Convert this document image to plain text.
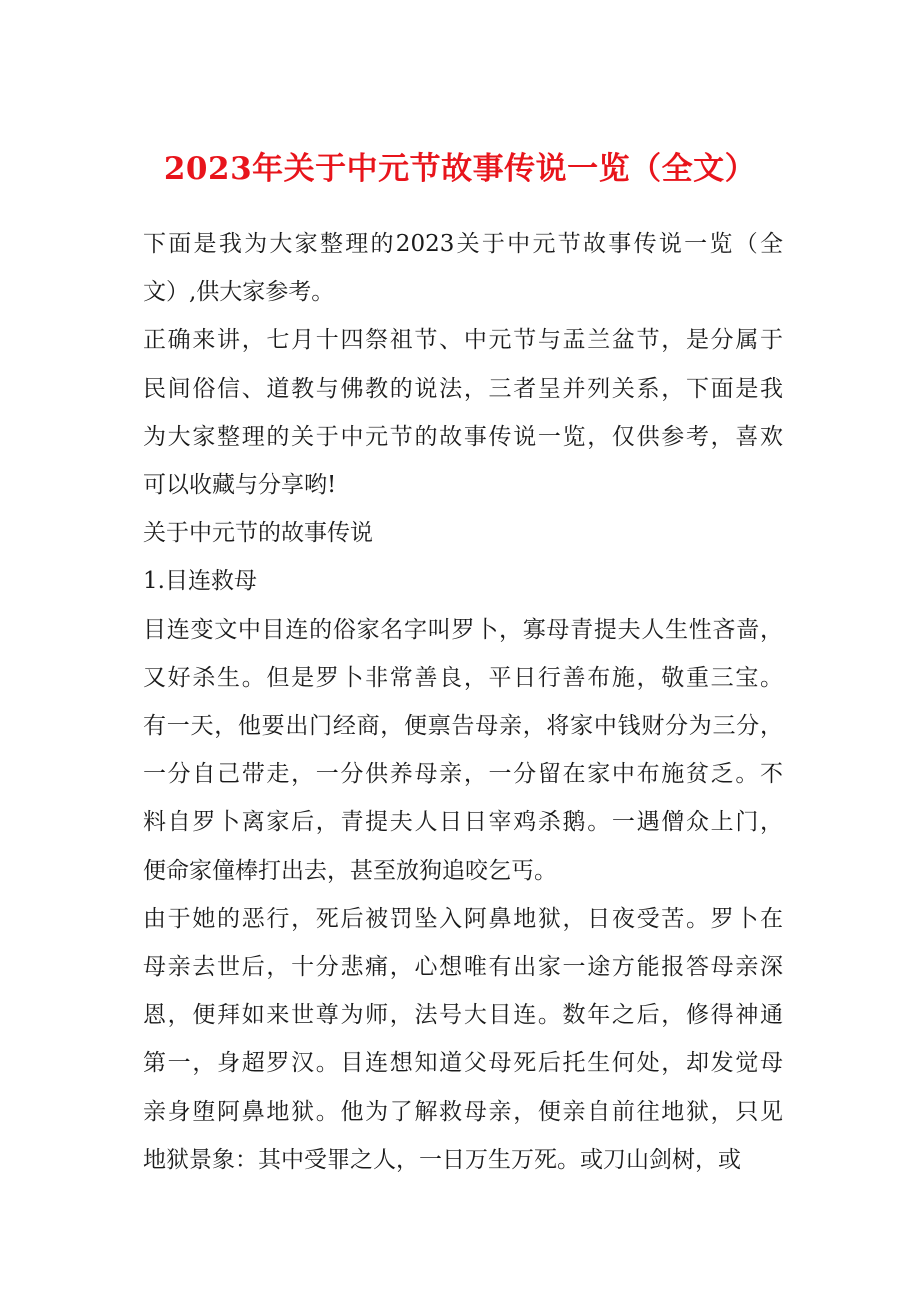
2023年关于中元节故事传说一览（全文）

下面是我为大家整理的2023关于中元节故事传说一览（全
文）,供大家参考。

正确来讲，七月十四祭祖节、中元节与盂兰盆节，是分属于
民间俗信、道教与佛教的说法，三者呈并列关系，下面是我
为大家整理的关于中元节的故事传说一览，仅供参考，喜欢
可以收藏与分享哟!

关于中元节的故事传说

1.目连救母

目连变文中目连的俗家名字叫罗卜，寡母青提夫人生性吝啬，
又好杀生。但是罗卜非常善良，平日行善布施，敬重三宝。
有一天，他要出门经商，便禀告母亲，将家中钱财分为三分，
一分自己带走，一分供养母亲，一分留在家中布施贫乏。不
料自罗卜离家后，青提夫人日日宰鸡杀鹅。一遇僧众上门，
便命家僮棒打出去，甚至放狗追咬乞丐。

由于她的恶行，死后被罚坠入阿鼻地狱，日夜受苦。罗卜在
母亲去世后，十分悲痛，心想唯有出家一途方能报答母亲深
恩，便拜如来世尊为师，法号大目连。数年之后，修得神通
第一，身超罗汉。目连想知道父母死后托生何处，却发觉母
亲身堕阿鼻地狱。他为了解救母亲，便亲自前往地狱，只见
地狱景象：其中受罪之人，一日万生万死。或刀山剑树，或
